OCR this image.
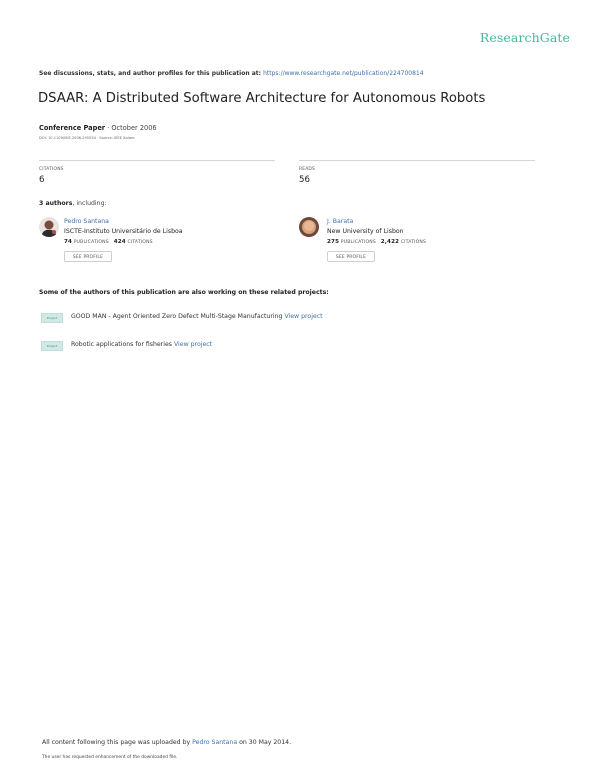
ResearchGate
See discussions, stats, and author profiles for this publication at: https://www.researchgate.net/publication/224700814
DSAAR: A Distributed Software Architecture for Autonomous Robots
Conference Paper · October 2006
DOI: 10.1109/ISIE.2006.295554 · Source: IEEE Xplore
CITATIONS
6
READS
56
3 authors, including:
Pedro Santana
ISCTE-Instituto Universitário de Lisboa
74 PUBLICATIONS 424 CITATIONS
SEE PROFILE
J. Barata
New University of Lisbon
275 PUBLICATIONS 2,422 CITATIONS
SEE PROFILE
Some of the authors of this publication are also working on these related projects:
Project	GOOD MAN - Agent Oriented Zero Defect Multi-Stage Manufacturing View project
Project	Robotic applications for fisheries View project
All content following this page was uploaded by Pedro Santana on 30 May 2014.
The user has requested enhancement of the downloaded file.
